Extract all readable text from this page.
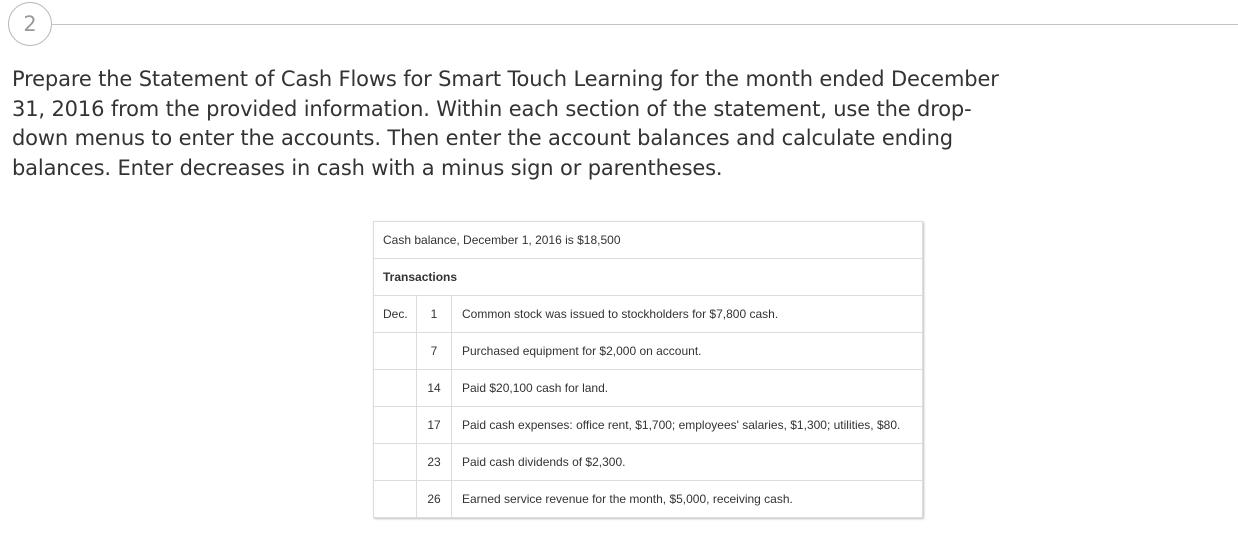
2

Prepare the Statement of Cash Flows for Smart Touch Learning for the month ended December 31, 2016 from the provided information. Within each section of the statement, use the drop-down menus to enter the accounts. Then enter the account balances and calculate ending balances. Enter decreases in cash with a minus sign or parentheses.

Cash balance, December 1, 2016 is $18,500		
Transactions		
Dec.	1	Common stock was issued to stockholders for $7,800 cash.
	7	Purchased equipment for $2,000 on account.
	14	Paid $20,100 cash for land.
	17	Paid cash expenses: office rent, $1,700; employees' salaries, $1,300; utilities, $80.
	23	Paid cash dividends of $2,300.
	26	Earned service revenue for the month, $5,000, receiving cash.
